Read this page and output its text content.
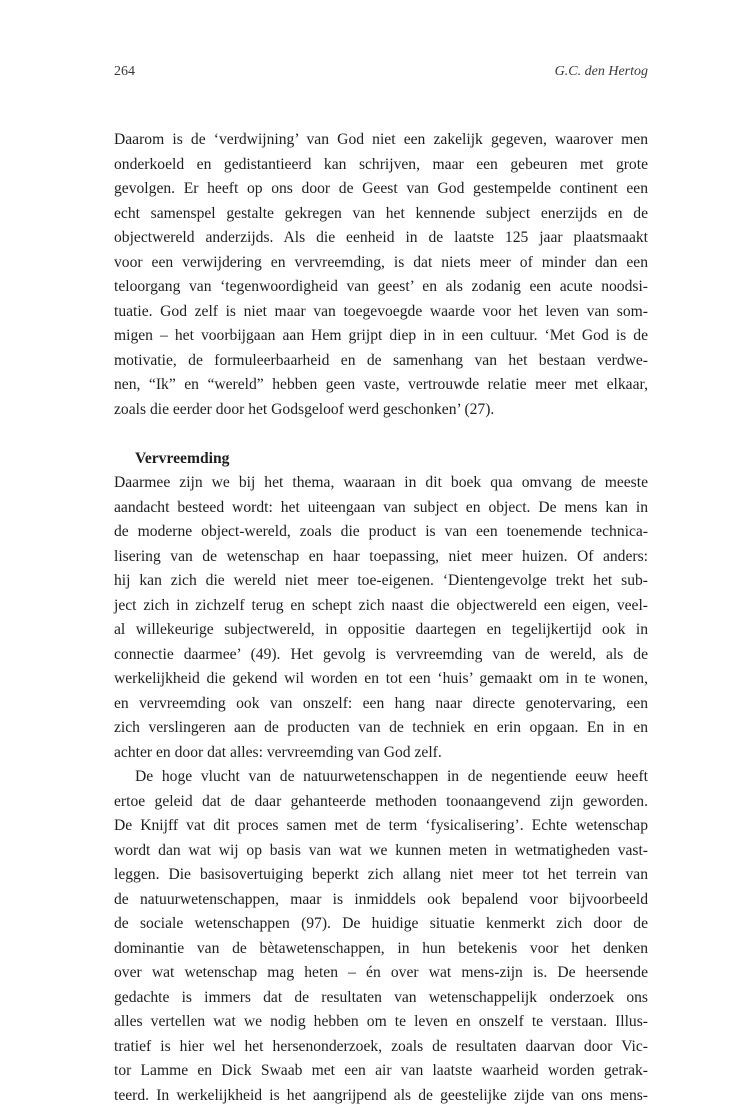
264	G.C. den Hertog
Daarom is de ‘verdwijning’ van God niet een zakelijk gegeven, waarover men
onderkoeld en gedistantieerd kan schrijven, maar een gebeuren met grote
gevolgen. Er heeft op ons door de Geest van God gestempelde continent een
echt samenspel gestalte gekregen van het kennende subject enerzijds en de
objectwereld anderzijds. Als die eenheid in de laatste 125 jaar plaatsmaakt
voor een verwijdering en vervreemding, is dat niets meer of minder dan een
teloorgang van ‘tegenwoordigheid van geest’ en als zodanig een acute noodsi-
tuatie. God zelf is niet maar van toegevoegde waarde voor het leven van som-
migen – het voorbijgaan aan Hem grijpt diep in in een cultuur. ‘Met God is de
motivatie, de formuleerbaarheid en de samenhang van het bestaan verdwe-
nen, “Ik” en “wereld” hebben geen vaste, vertrouwde relatie meer met elkaar,
zoals die eerder door het Godsgeloof werd geschonken’ (27).
Vervreemding
Daarmee zijn we bij het thema, waaraan in dit boek qua omvang de meeste
aandacht besteed wordt: het uiteengaan van subject en object. De mens kan in
de moderne object-wereld, zoals die product is van een toenemende technica-
lisering van de wetenschap en haar toepassing, niet meer huizen. Of anders:
hij kan zich die wereld niet meer toe-eigenen. ‘Dientengevolge trekt het sub-
ject zich in zichzelf terug en schept zich naast die objectwereld een eigen, veel-
al willekeurige subjectwereld, in oppositie daartegen en tegelijkertijd ook in
connectie daarmee’ (49). Het gevolg is vervreemding van de wereld, als de
werkelijkheid die gekend wil worden en tot een ‘huis’ gemaakt om in te wonen,
en vervreemding ook van onszelf: een hang naar directe genotervaring, een
zich verslingeren aan de producten van de techniek en erin opgaan. En in en
achter en door dat alles: vervreemding van God zelf.
De hoge vlucht van de natuurwetenschappen in de negentiende eeuw heeft
ertoe geleid dat de daar gehanteerde methoden toonaangevend zijn geworden.
De Knijff vat dit proces samen met de term ‘fysicalisering’. Echte wetenschap
wordt dan wat wij op basis van wat we kunnen meten in wetmatigheden vast-
leggen. Die basisovertuiging beperkt zich allang niet meer tot het terrein van
de natuurwetenschappen, maar is inmiddels ook bepalend voor bijvoorbeeld
de sociale wetenschappen (97). De huidige situatie kenmerkt zich door de
dominantie van de bètawetenschappen, in hun betekenis voor het denken
over wat wetenschap mag heten – én over wat mens-zijn is. De heersende
gedachte is immers dat de resultaten van wetenschappelijk onderzoek ons
alles vertellen wat we nodig hebben om te leven en onszelf te verstaan. Illus-
tratief is hier wel het hersenonderzoek, zoals de resultaten daarvan door Vic-
tor Lamme en Dick Swaab met een air van laatste waarheid worden getrak-
teerd. In werkelijkheid is het aangrijpend als de geestelijke zijde van ons mens-
